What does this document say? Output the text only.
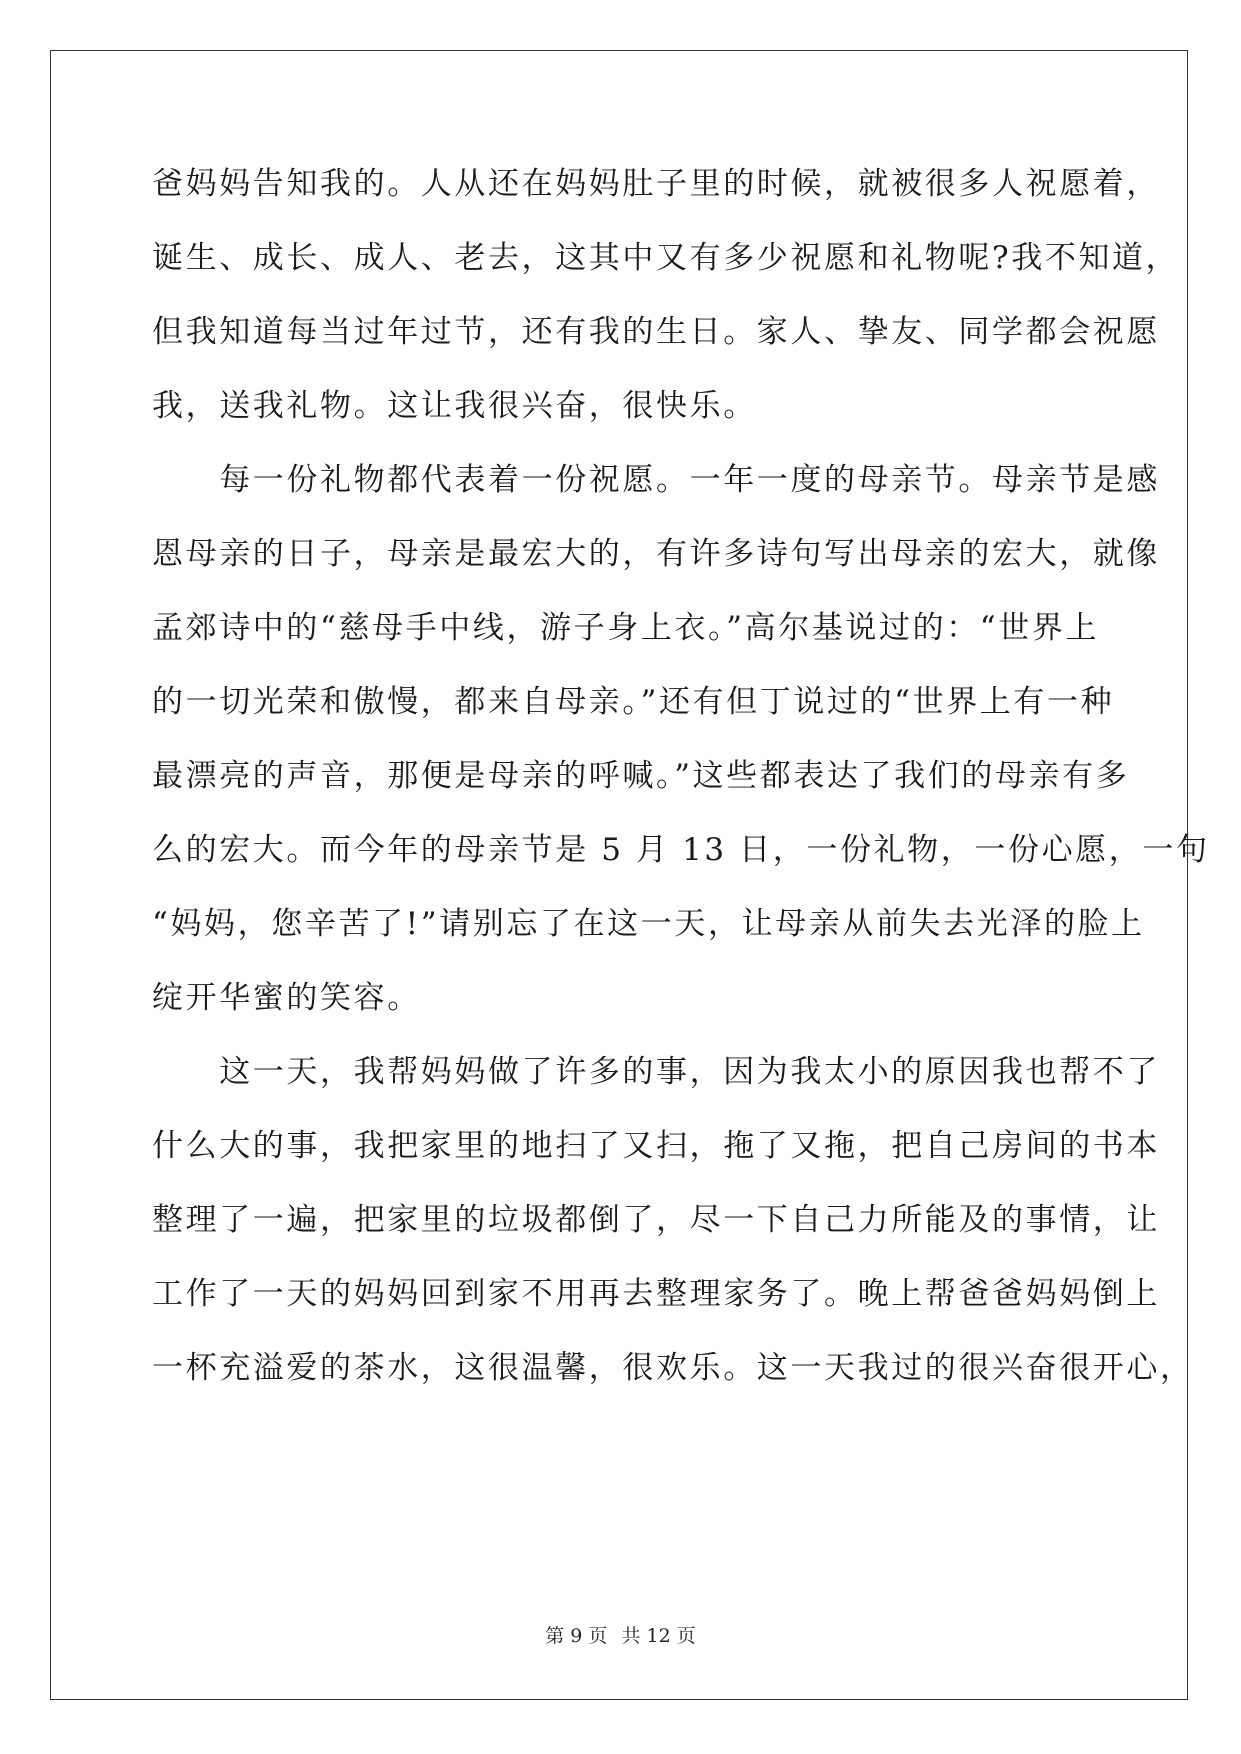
爸妈妈告知我的。人从还在妈妈肚子里的时候，就被很多人祝愿着，
诞生、成长、成人、老去，这其中又有多少祝愿和礼物呢?我不知道，
但我知道每当过年过节，还有我的生日。家人、挚友、同学都会祝愿
我，送我礼物。这让我很兴奋，很快乐。
　　每一份礼物都代表着一份祝愿。一年一度的母亲节。母亲节是感
恩母亲的日子，母亲是最宏大的，有许多诗句写出母亲的宏大，就像
孟郊诗中的“慈母手中线，游子身上衣。”高尔基说过的：“世界上
的一切光荣和傲慢，都来自母亲。”还有但丁说过的“世界上有一种
最漂亮的声音，那便是母亲的呼喊。”这些都表达了我们的母亲有多
么的宏大。而今年的母亲节是 5 月 13 日，一份礼物，一份心愿，一句
“妈妈，您辛苦了!”请别忘了在这一天，让母亲从前失去光泽的脸上
绽开华蜜的笑容。
　　这一天，我帮妈妈做了许多的事，因为我太小的原因我也帮不了
什么大的事，我把家里的地扫了又扫，拖了又拖，把自己房间的书本
整理了一遍，把家里的垃圾都倒了，尽一下自己力所能及的事情，让
工作了一天的妈妈回到家不用再去整理家务了。晚上帮爸爸妈妈倒上
一杯充溢爱的茶水，这很温馨，很欢乐。这一天我过的很兴奋很开心，
第 9 页 共 12 页
